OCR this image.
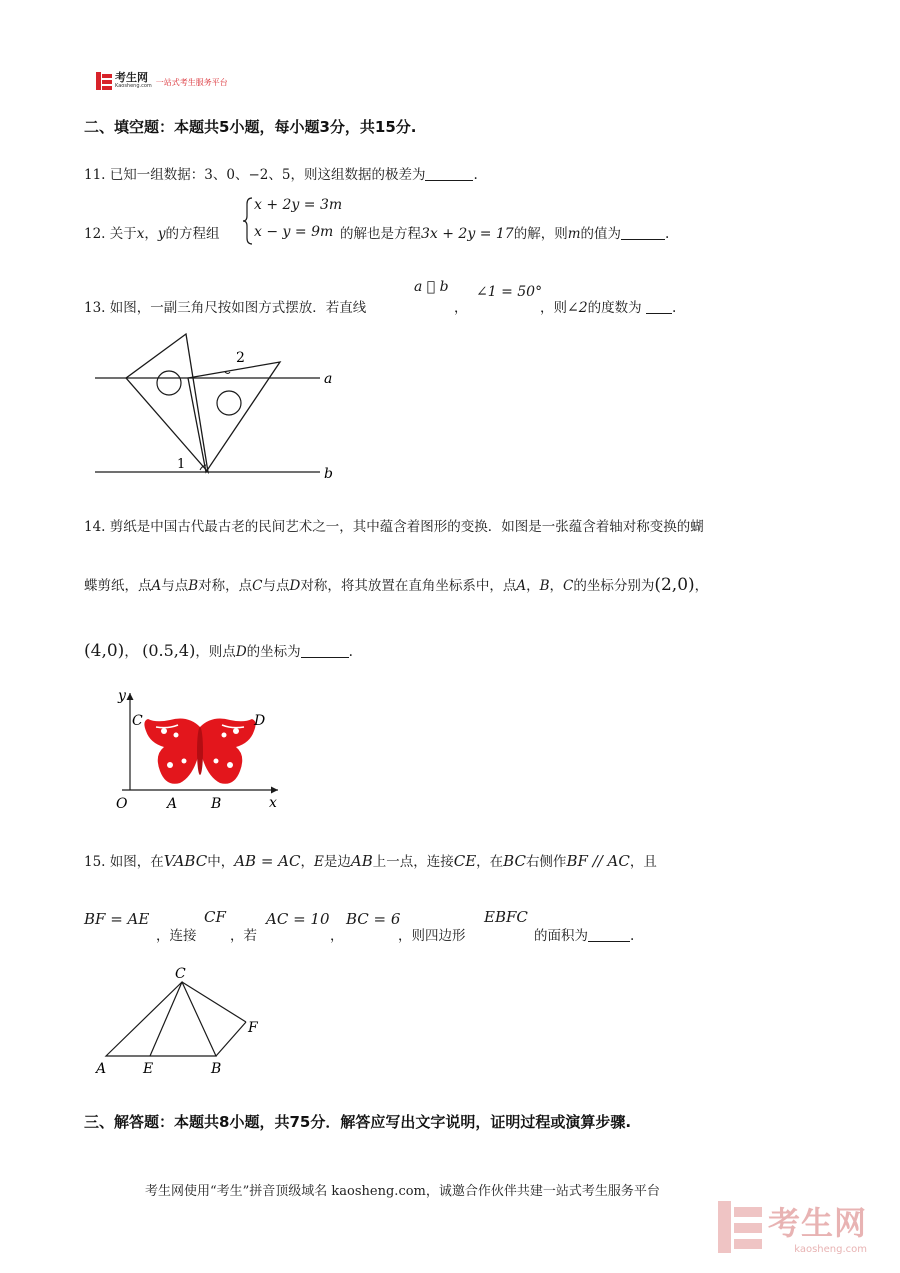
考生网
Kaosheng.com 一站式考生服务平台
二、填空题：本题共5小题，每小题3分，共15分.
11. 已知一组数据：3、0、−2、5，则这组数据的极差为	.
12. 关于x，y的方程组
x + 2y = 3m
x − y = 9m 的解也是方程3x + 2y = 17的解，则m的值为	.
13. 如图，一副三角尺按如图方式摆放．若直线
a ⃞ b
，
∠1 = 50°
，则∠2的度数为 .
2
1
a
b
14. 剪纸是中国古代最古老的民间艺术之一，其中蕴含着图形的变换．如图是一张蕴含着轴对称变换的蝴
蝶剪纸，点A与点B对称，点C与点D对称，将其放置在直角坐标系中，点A，B，C的坐标分别为(2,0)，
(4,0)， (0.5,4)，则点D的坐标为	.
y
x
C	D
O	A B
15. 如图，在VABC中，AB = AC，E是边AB上一点，连接CE，在BC右侧作BF // AC，且
BF = AE
，连接
CF
，若
AC = 10
，
BC = 6
，则四边形
EBFC
的面积为	.
C
F
A	E	B
三、解答题：本题共8小题，共75分．解答应写出文字说明，证明过程或演算步骤.
考生网使用“考生”拼音顶级域名 kaosheng.com，诚邀合作伙伴共建一站式考生服务平台
考生网
kaosheng.com
